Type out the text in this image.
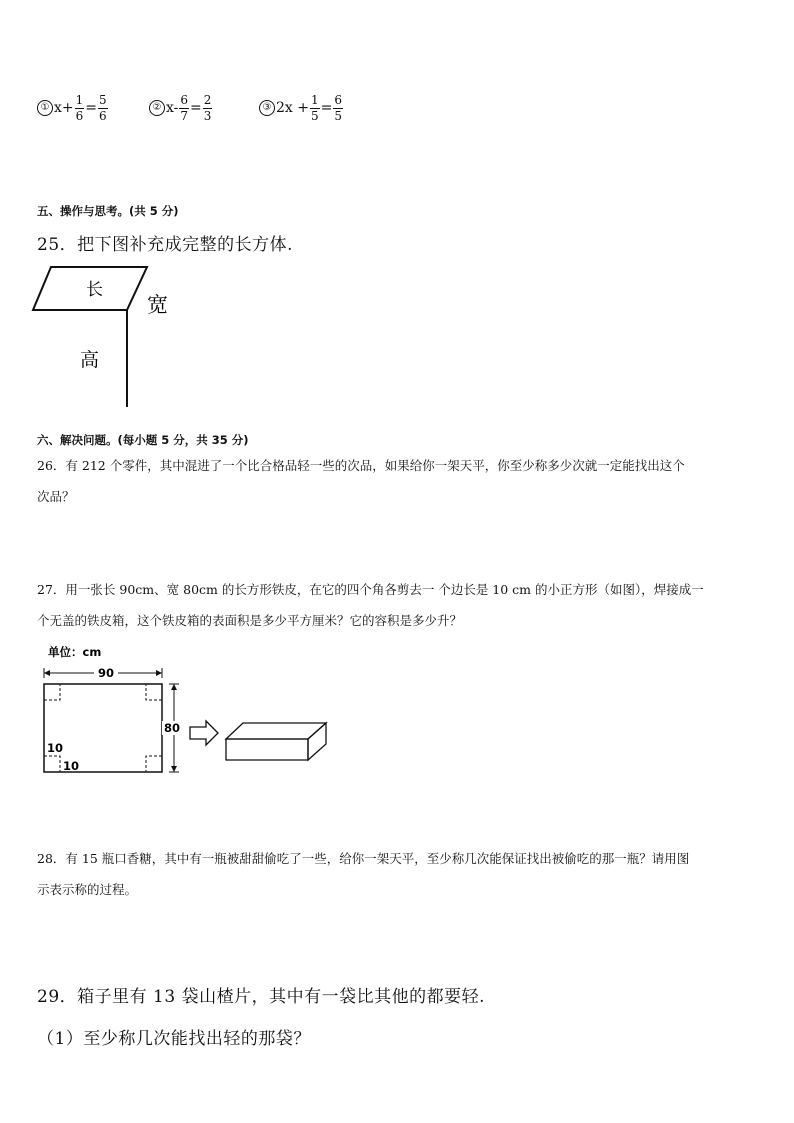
① $x+ \frac{1}{6} = \frac{5}{6}$	② $x- \frac{6}{7} = \frac{2}{3}$	③ $2x + \frac{1}{5} = \frac{6}{5}$
五、操作与思考。(共 5 分)
25．把下图补充成完整的长方体.
长
宽
高
六、解决问题。(每小题 5 分，共 35 分)
26．有 212 个零件，其中混进了一个比合格品轻一些的次品，如果给你一架天平，你至少称多少次就一定能找出这个
次品？
27．用一张长 90cm、宽 80cm 的长方形铁皮，在它的四个角各剪去一 个边长是 10 cm 的小正方形（如图），焊接成一
个无盖的铁皮箱，这个铁皮箱的表面积是多少平方厘米？它的容积是多少升？
单位：cm
90
10
10
80
28．有 15 瓶口香糖，其中有一瓶被甜甜偷吃了一些，给你一架天平，至少称几次能保证找出被偷吃的那一瓶？请用图
示表示称的过程。
29．箱子里有 13 袋山楂片，其中有一袋比其他的都要轻.
（1）至少称几次能找出轻的那袋？
